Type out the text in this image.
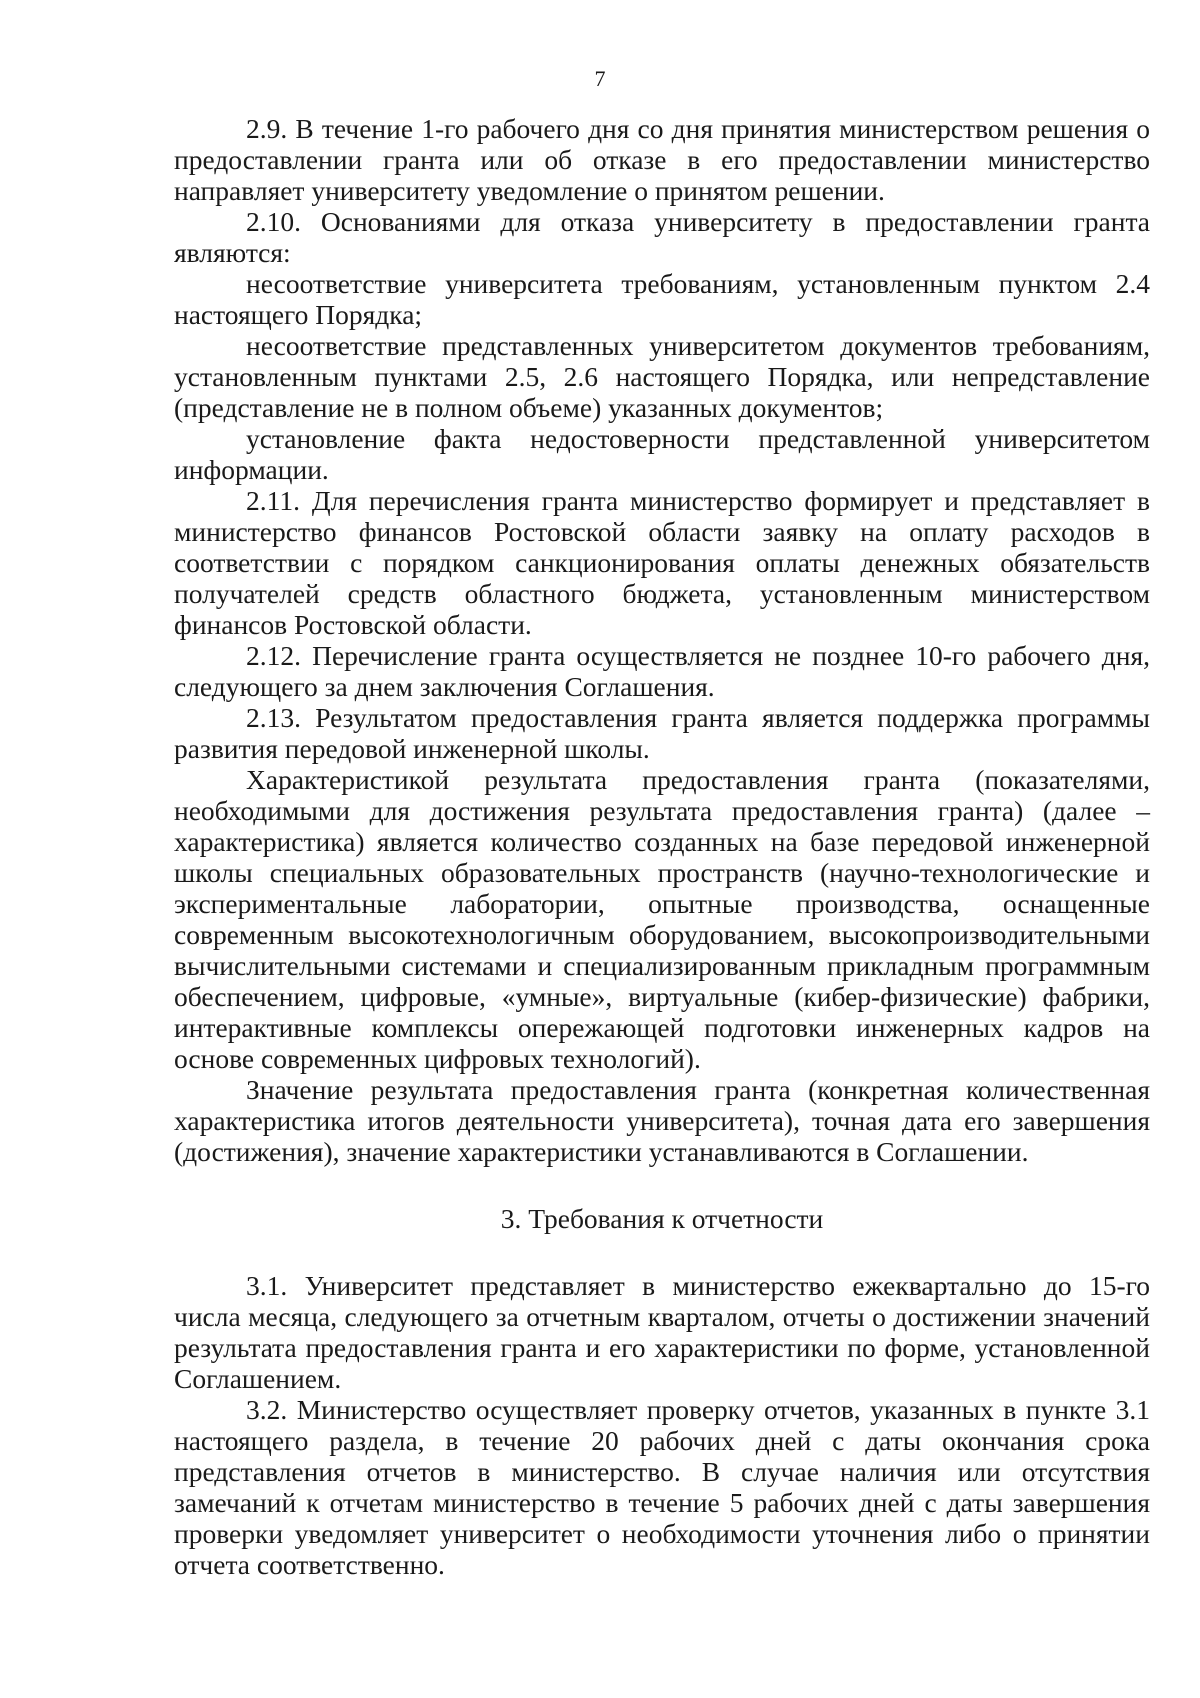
7

2.9. В течение 1-го рабочего дня со дня принятия министерством решения о предоставлении гранта или об отказе в его предоставлении министерство направляет университету уведомление о принятом решении.

2.10. Основаниями для отказа университету в предоставлении гранта являются:

несоответствие университета требованиям, установленным пунктом 2.4 настоящего Порядка;

несоответствие представленных университетом документов требованиям, установленным пунктами 2.5, 2.6 настоящего Порядка, или непредставление (представление не в полном объеме) указанных документов;

установление факта недостоверности представленной университетом информации.

2.11. Для перечисления гранта министерство формирует и представляет в министерство финансов Ростовской области заявку на оплату расходов в соответствии с порядком санкционирования оплаты денежных обязательств получателей средств областного бюджета, установленным министерством финансов Ростовской области.

2.12. Перечисление гранта осуществляется не позднее 10-го рабочего дня, следующего за днем заключения Соглашения.

2.13. Результатом предоставления гранта является поддержка программы развития передовой инженерной школы.

Характеристикой результата предоставления гранта (показателями, необходимыми для достижения результата предоставления гранта) (далее – характеристика) является количество созданных на базе передовой инженерной школы специальных образовательных пространств (научно-технологические и экспериментальные лаборатории, опытные производства, оснащенные современным высокотехнологичным оборудованием, высокопроизводительными вычислительными системами и специализированным прикладным программным обеспечением, цифровые, «умные», виртуальные (кибер-физические) фабрики, интерактивные комплексы опережающей подготовки инженерных кадров на основе современных цифровых технологий).

Значение результата предоставления гранта (конкретная количественная характеристика итогов деятельности университета), точная дата его завершения (достижения), значение характеристики устанавливаются в Соглашении.

3. Требования к отчетности

3.1. Университет представляет в министерство ежеквартально до 15-го числа месяца, следующего за отчетным кварталом, отчеты о достижении значений результата предоставления гранта и его характеристики по форме, установленной Соглашением.

3.2. Министерство осуществляет проверку отчетов, указанных в пункте 3.1 настоящего раздела, в течение 20 рабочих дней с даты окончания срока представления отчетов в министерство. В случае наличия или отсутствия замечаний к отчетам министерство в течение 5 рабочих дней с даты завершения проверки уведомляет университет о необходимости уточнения либо о принятии отчета соответственно.
